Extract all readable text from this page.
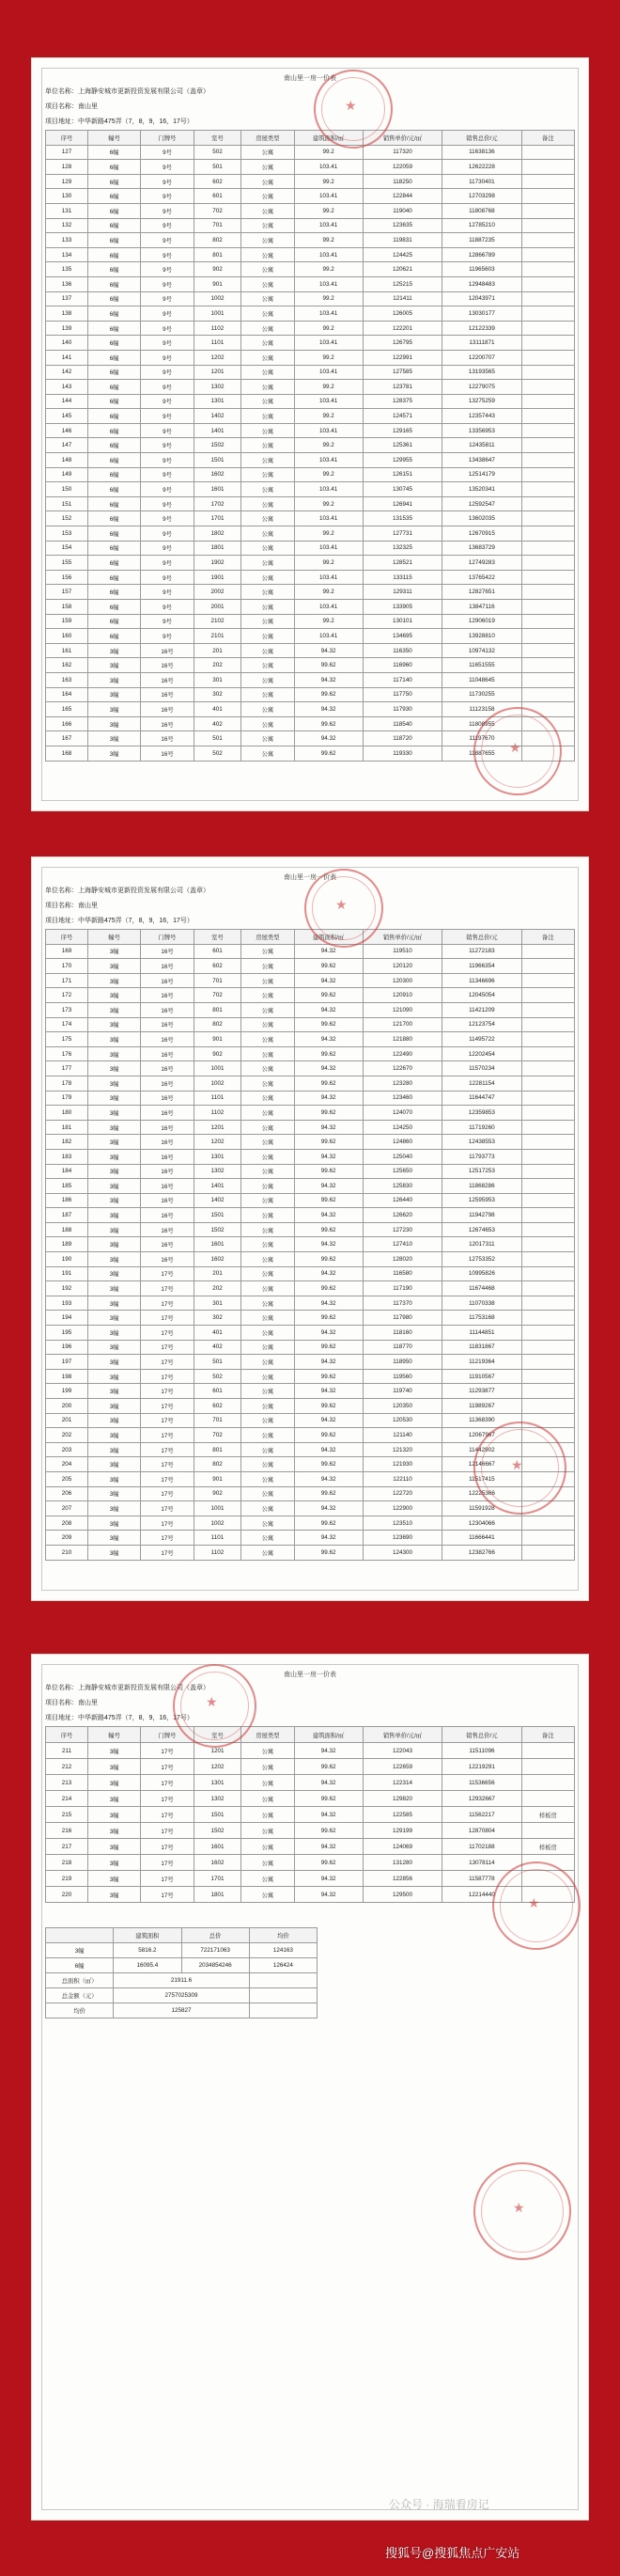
南山里一房一价表
单位名称：上海静安城市更新投资发展有限公司（盖章）
项目名称：南山里
项目地址：中华新路475弄（7，8，9，16，17号）
序号	幢号	门牌号	室号	房屋类型	建筑面积/㎡	销售单价/元/㎡	销售总价/元	备注
127	6幢	9号	502	公寓	99.2	117320	11638136	
128	6幢	9号	501	公寓	103.41	122059	12622228	
129	6幢	9号	602	公寓	99.2	118250	11730401	
130	6幢	9号	601	公寓	103.41	122844	12703298	
131	6幢	9号	702	公寓	99.2	119040	11808768	
132	6幢	9号	701	公寓	103.41	123635	12785210	
133	6幢	9号	802	公寓	99.2	119831	11887235	
134	6幢	9号	801	公寓	103.41	124425	12866789	
135	6幢	9号	902	公寓	99.2	120621	11965603	
136	6幢	9号	901	公寓	103.41	125215	12948483	
137	6幢	9号	1002	公寓	99.2	121411	12043971	
138	6幢	9号	1001	公寓	103.41	126005	13030177	
139	6幢	9号	1102	公寓	99.2	122201	12122339	
140	6幢	9号	1101	公寓	103.41	126795	13111871	
141	6幢	9号	1202	公寓	99.2	122991	12200707	
142	6幢	9号	1201	公寓	103.41	127585	13193565	
143	6幢	9号	1302	公寓	99.2	123781	12279075	
144	6幢	9号	1301	公寓	103.41	128375	13275259	
145	6幢	9号	1402	公寓	99.2	124571	12357443	
146	6幢	9号	1401	公寓	103.41	129165	13356953	
147	6幢	9号	1502	公寓	99.2	125361	12435811	
148	6幢	9号	1501	公寓	103.41	129955	13438647	
149	6幢	9号	1602	公寓	99.2	126151	12514179	
150	6幢	9号	1601	公寓	103.41	130745	13520341	
151	6幢	9号	1702	公寓	99.2	126941	12592547	
152	6幢	9号	1701	公寓	103.41	131535	13602035	
153	6幢	9号	1802	公寓	99.2	127731	12670915	
154	6幢	9号	1801	公寓	103.41	132325	13683729	
155	6幢	9号	1902	公寓	99.2	128521	12749283	
156	6幢	9号	1901	公寓	103.41	133115	13765422	
157	6幢	9号	2002	公寓	99.2	129311	12827651	
158	6幢	9号	2001	公寓	103.41	133905	13847116	
159	6幢	9号	2102	公寓	99.2	130101	12906019	
160	6幢	9号	2101	公寓	103.41	134695	13928810	
161	3幢	16号	201	公寓	94.32	116350	10974132	
162	3幢	16号	202	公寓	99.62	116960	11651555	
163	3幢	16号	301	公寓	94.32	117140	11048645	
164	3幢	16号	302	公寓	99.62	117750	11730255	
165	3幢	16号	401	公寓	94.32	117930	11123158	
166	3幢	16号	402	公寓	99.62	118540	11808955	
167	3幢	16号	501	公寓	94.32	118720	11197670	
168	3幢	16号	502	公寓	99.62	119330	11887655	
★
★
南山里一房一价表
单位名称：上海静安城市更新投资发展有限公司（盖章）
项目名称：南山里
项目地址：中华新路475弄（7，8，9，16，17号）
序号	幢号	门牌号	室号	房屋类型	建筑面积/㎡	销售单价/元/㎡	销售总价/元	备注
169	3幢	16号	601	公寓	94.32	119510	11272183	
170	3幢	16号	602	公寓	99.62	120120	11966354	
171	3幢	16号	701	公寓	94.32	120300	11346696	
172	3幢	16号	702	公寓	99.62	120910	12045054	
173	3幢	16号	801	公寓	94.32	121090	11421209	
174	3幢	16号	802	公寓	99.62	121700	12123754	
175	3幢	16号	901	公寓	94.32	121880	11495722	
176	3幢	16号	902	公寓	99.62	122490	12202454	
177	3幢	16号	1001	公寓	94.32	122670	11570234	
178	3幢	16号	1002	公寓	99.62	123280	12281154	
179	3幢	16号	1101	公寓	94.32	123460	11644747	
180	3幢	16号	1102	公寓	99.62	124070	12359853	
181	3幢	16号	1201	公寓	94.32	124250	11719260	
182	3幢	16号	1202	公寓	99.62	124860	12438553	
183	3幢	16号	1301	公寓	94.32	125040	11793773	
184	3幢	16号	1302	公寓	99.62	125650	12517253	
185	3幢	16号	1401	公寓	94.32	125830	11868286	
186	3幢	16号	1402	公寓	99.62	126440	12595953	
187	3幢	16号	1501	公寓	94.32	126620	11942798	
188	3幢	16号	1502	公寓	99.62	127230	12674653	
189	3幢	16号	1601	公寓	94.32	127410	12017311	
190	3幢	16号	1602	公寓	99.62	128020	12753352	
191	3幢	17号	201	公寓	94.32	116580	10995826	
192	3幢	17号	202	公寓	99.62	117190	11674468	
193	3幢	17号	301	公寓	94.32	117370	11070338	
194	3幢	17号	302	公寓	99.62	117980	11753168	
195	3幢	17号	401	公寓	94.32	118160	11144851	
196	3幢	17号	402	公寓	99.62	118770	11831867	
197	3幢	17号	501	公寓	94.32	118950	11219364	
198	3幢	17号	502	公寓	99.62	119560	11910567	
199	3幢	17号	601	公寓	94.32	119740	11293877	
200	3幢	17号	602	公寓	99.62	120350	11989267	
201	3幢	17号	701	公寓	94.32	120530	11368390	
202	3幢	17号	702	公寓	99.62	121140	12067967	
203	3幢	17号	801	公寓	94.32	121320	11442902	
204	3幢	17号	802	公寓	99.62	121930	12146667	
205	3幢	17号	901	公寓	94.32	122110	11517415	
206	3幢	17号	902	公寓	99.62	122720	12225366	
207	3幢	17号	1001	公寓	94.32	122900	11591928	
208	3幢	17号	1002	公寓	99.62	123510	12304066	
209	3幢	17号	1101	公寓	94.32	123690	11666441	
210	3幢	17号	1102	公寓	99.62	124300	12382766	
★
★
南山里一房一价表
单位名称：上海静安城市更新投资发展有限公司（盖章）
项目名称：南山里
项目地址：中华新路475弄（7，8，9，16，17号）
序号	幢号	门牌号	室号	房屋类型	建筑面积/㎡	销售单价/元/㎡	销售总价/元	备注
211	3幢	17号	1201	公寓	94.32	122043	11511096	
212	3幢	17号	1202	公寓	99.62	122659	12219291	
213	3幢	17号	1301	公寓	94.32	122314	11536656	
214	3幢	17号	1302	公寓	99.62	129820	12932667	
215	3幢	17号	1501	公寓	94.32	122585	11562217	样板房
216	3幢	17号	1502	公寓	99.62	129199	12870804	
217	3幢	17号	1601	公寓	94.32	124069	11702188	样板房
218	3幢	17号	1602	公寓	99.62	131280	13078114	
219	3幢	17号	1701	公寓	94.32	122856	11587778	
220	3幢	17号	1801	公寓	94.32	129500	12214440	
	建筑面积	总价	均价
3幢	5816.2	722171063	124163
6幢	16095.4	2034854246	126424
总面积（㎡）	21911.6		
总金额（元）	2757025309		
均价	125827		
★
★
★
公众号 · 海瑞看房记
搜狐号@搜狐焦点广安站
